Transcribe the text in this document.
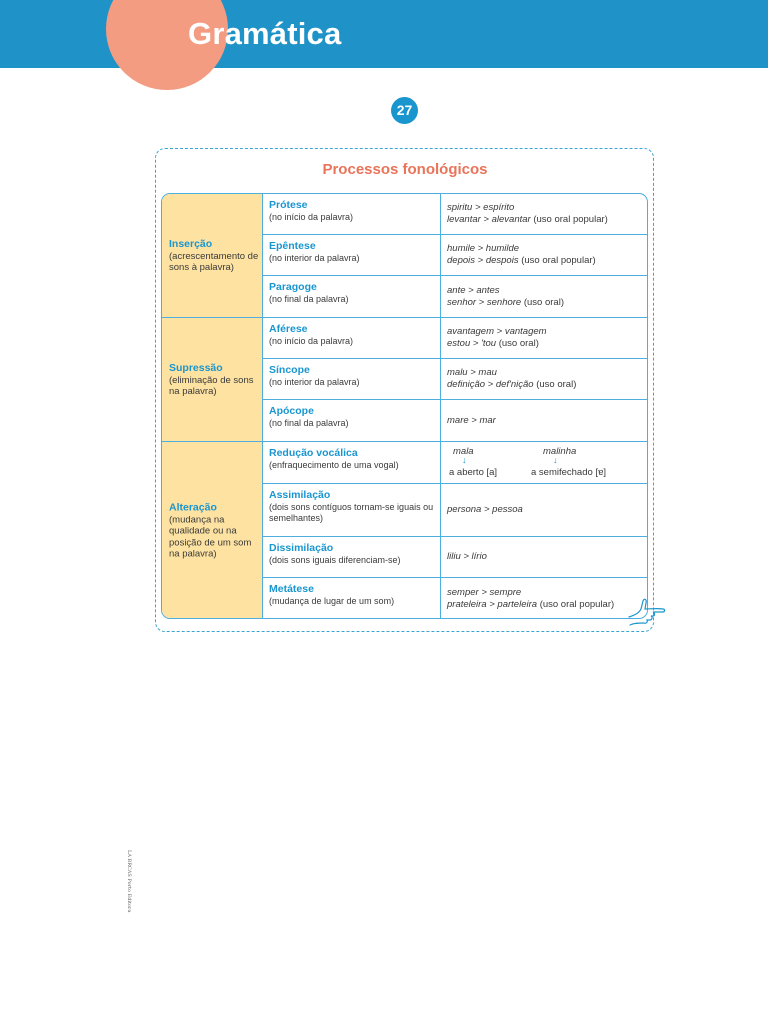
Gramática
27
Processos fonológicos
Inserção
(acrescentamento de sons à palavra)
Supressão
(eliminação de sons na palavra)
Alteração
(mudança na qualidade ou na posição de um som na palavra)
Prótese
(no início da palavra)
spiritu > espírito
levantar > alevantar (uso oral popular)
Epêntese
(no interior da palavra)
humile > humilde
depois > despois (uso oral popular)
Paragoge
(no final da palavra)
ante > antes
senhor > senhore (uso oral)
Aférese
(no início da palavra)
avantagem > vantagem
estou > 'tou (uso oral)
Síncope
(no interior da palavra)
malu > mau
definição > def'nição (uso oral)
Apócope
(no final da palavra)	mare > mar
Redução vocálica
(enfraquecimento de uma vogal)
mala
↓
a aberto [a]
malinha
↓
a semifechado [ɐ]
Assimilação
(dois sons contíguos tornam-se iguais ou semelhantes)
persona > pessoa
Dissimilação
(dois sons iguais diferenciam-se)	liliu > lírio
Metátese
(mudança de lugar de um som)
semper > sempre
prateleira > parteleira (uso oral popular)
LA BRCAS Porto Editora
